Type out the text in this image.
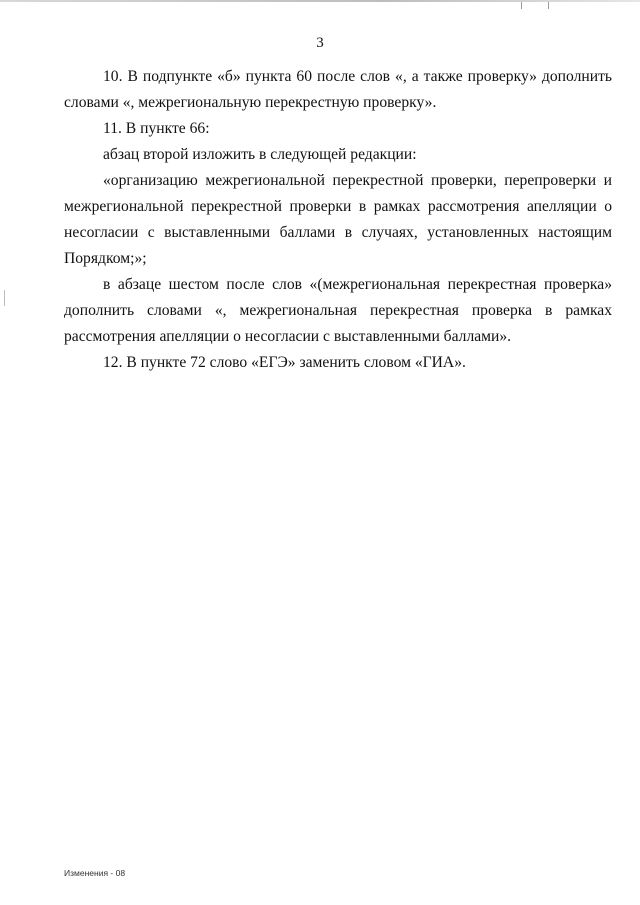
3

10. В подпункте «б» пункта 60 после слов «, а также проверку» дополнить словами «, межрегиональную перекрестную проверку».

11. В пункте 66:

абзац второй изложить в следующей редакции:

«организацию межрегиональной перекрестной проверки, перепроверки и межрегиональной перекрестной проверки в рамках рассмотрения апелляции о несогласии с выставленными баллами в случаях, установленных настоящим Порядком;»;

в абзаце шестом после слов «(межрегиональная перекрестная проверка» дополнить словами «, межрегиональная перекрестная проверка в рамках рассмотрения апелляции о несогласии с выставленными баллами».

12. В пункте 72 слово «ЕГЭ» заменить словом «ГИА».

Изменения - 08
